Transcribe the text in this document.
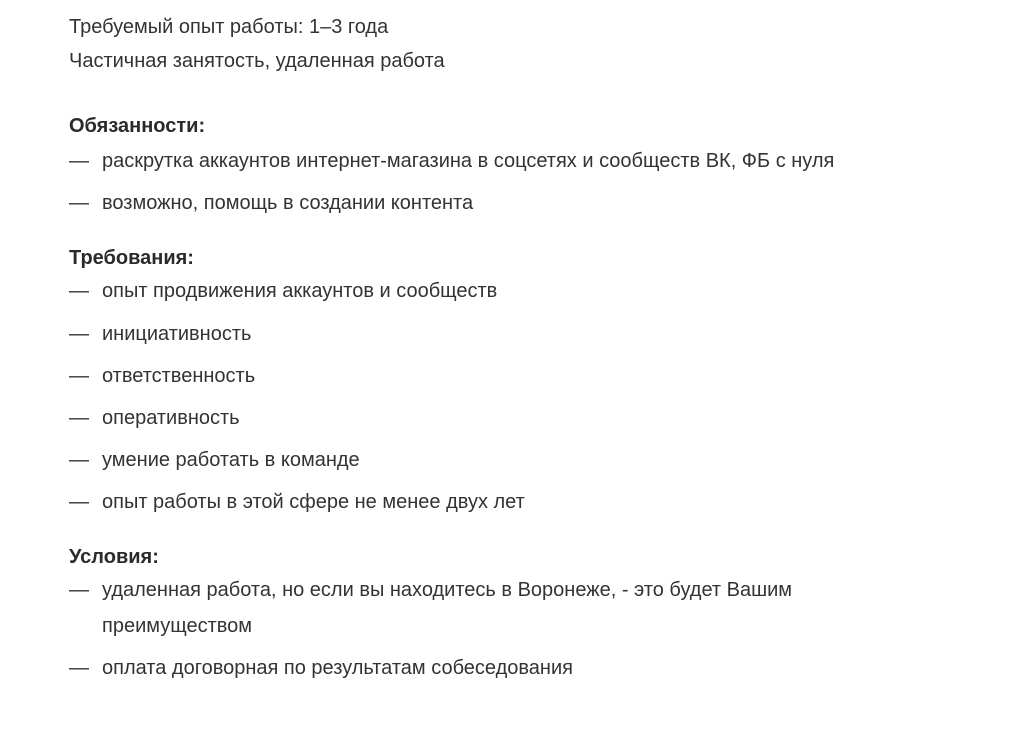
Требуемый опыт работы: 1–3 года
Частичная занятость, удаленная работа
Обязанности:
— раскрутка аккаунтов интернет-магазина в соцсетях и сообществ ВК, ФБ с нуля
— возможно, помощь в создании контента
Требования:
— опыт продвижения аккаунтов и сообществ
— инициативность
— ответственность
— оперативность
— умение работать в команде
— опыт работы в этой сфере не менее двух лет
Условия:
— удаленная работа, но если вы находитесь в Воронеже, - это будет Вашим преимуществом
— оплата договорная по результатам собеседования
